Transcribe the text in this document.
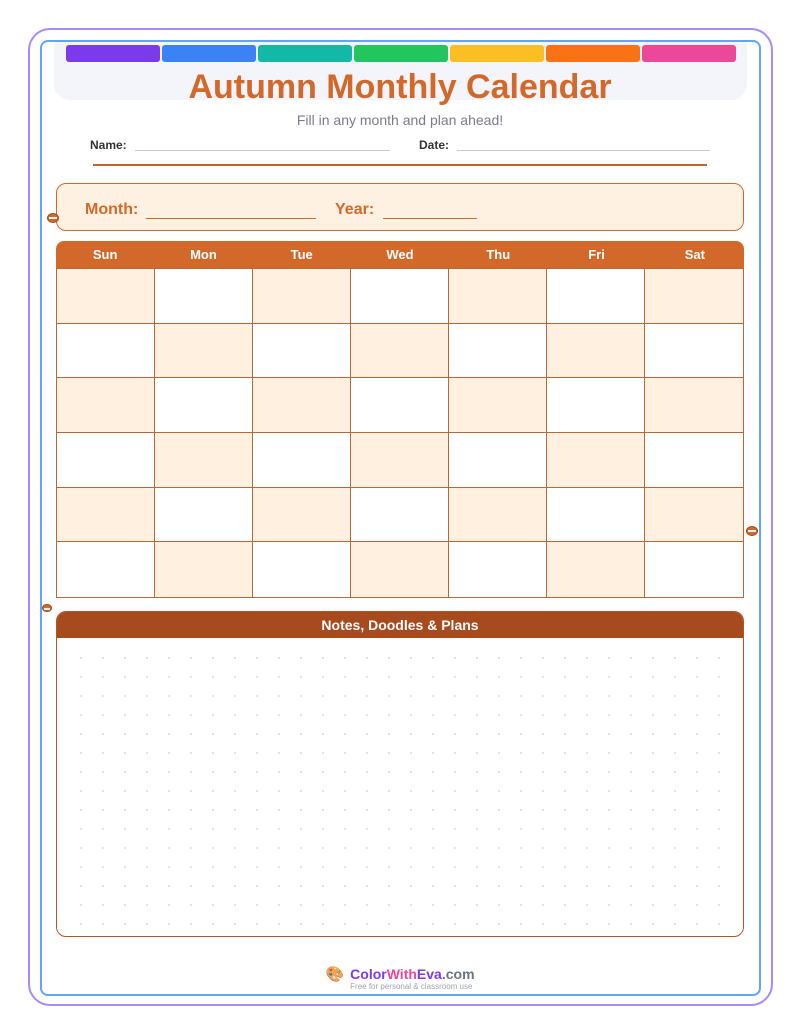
Autumn Monthly Calendar
Fill in any month and plan ahead!
Name:	Date:
Month:	Year:
Sun	Mon	Tue	Wed	Thu	Fri	Sat
Notes, Doodles & Plans
🎨 ColorWithEva.com
Free for personal & classroom use
